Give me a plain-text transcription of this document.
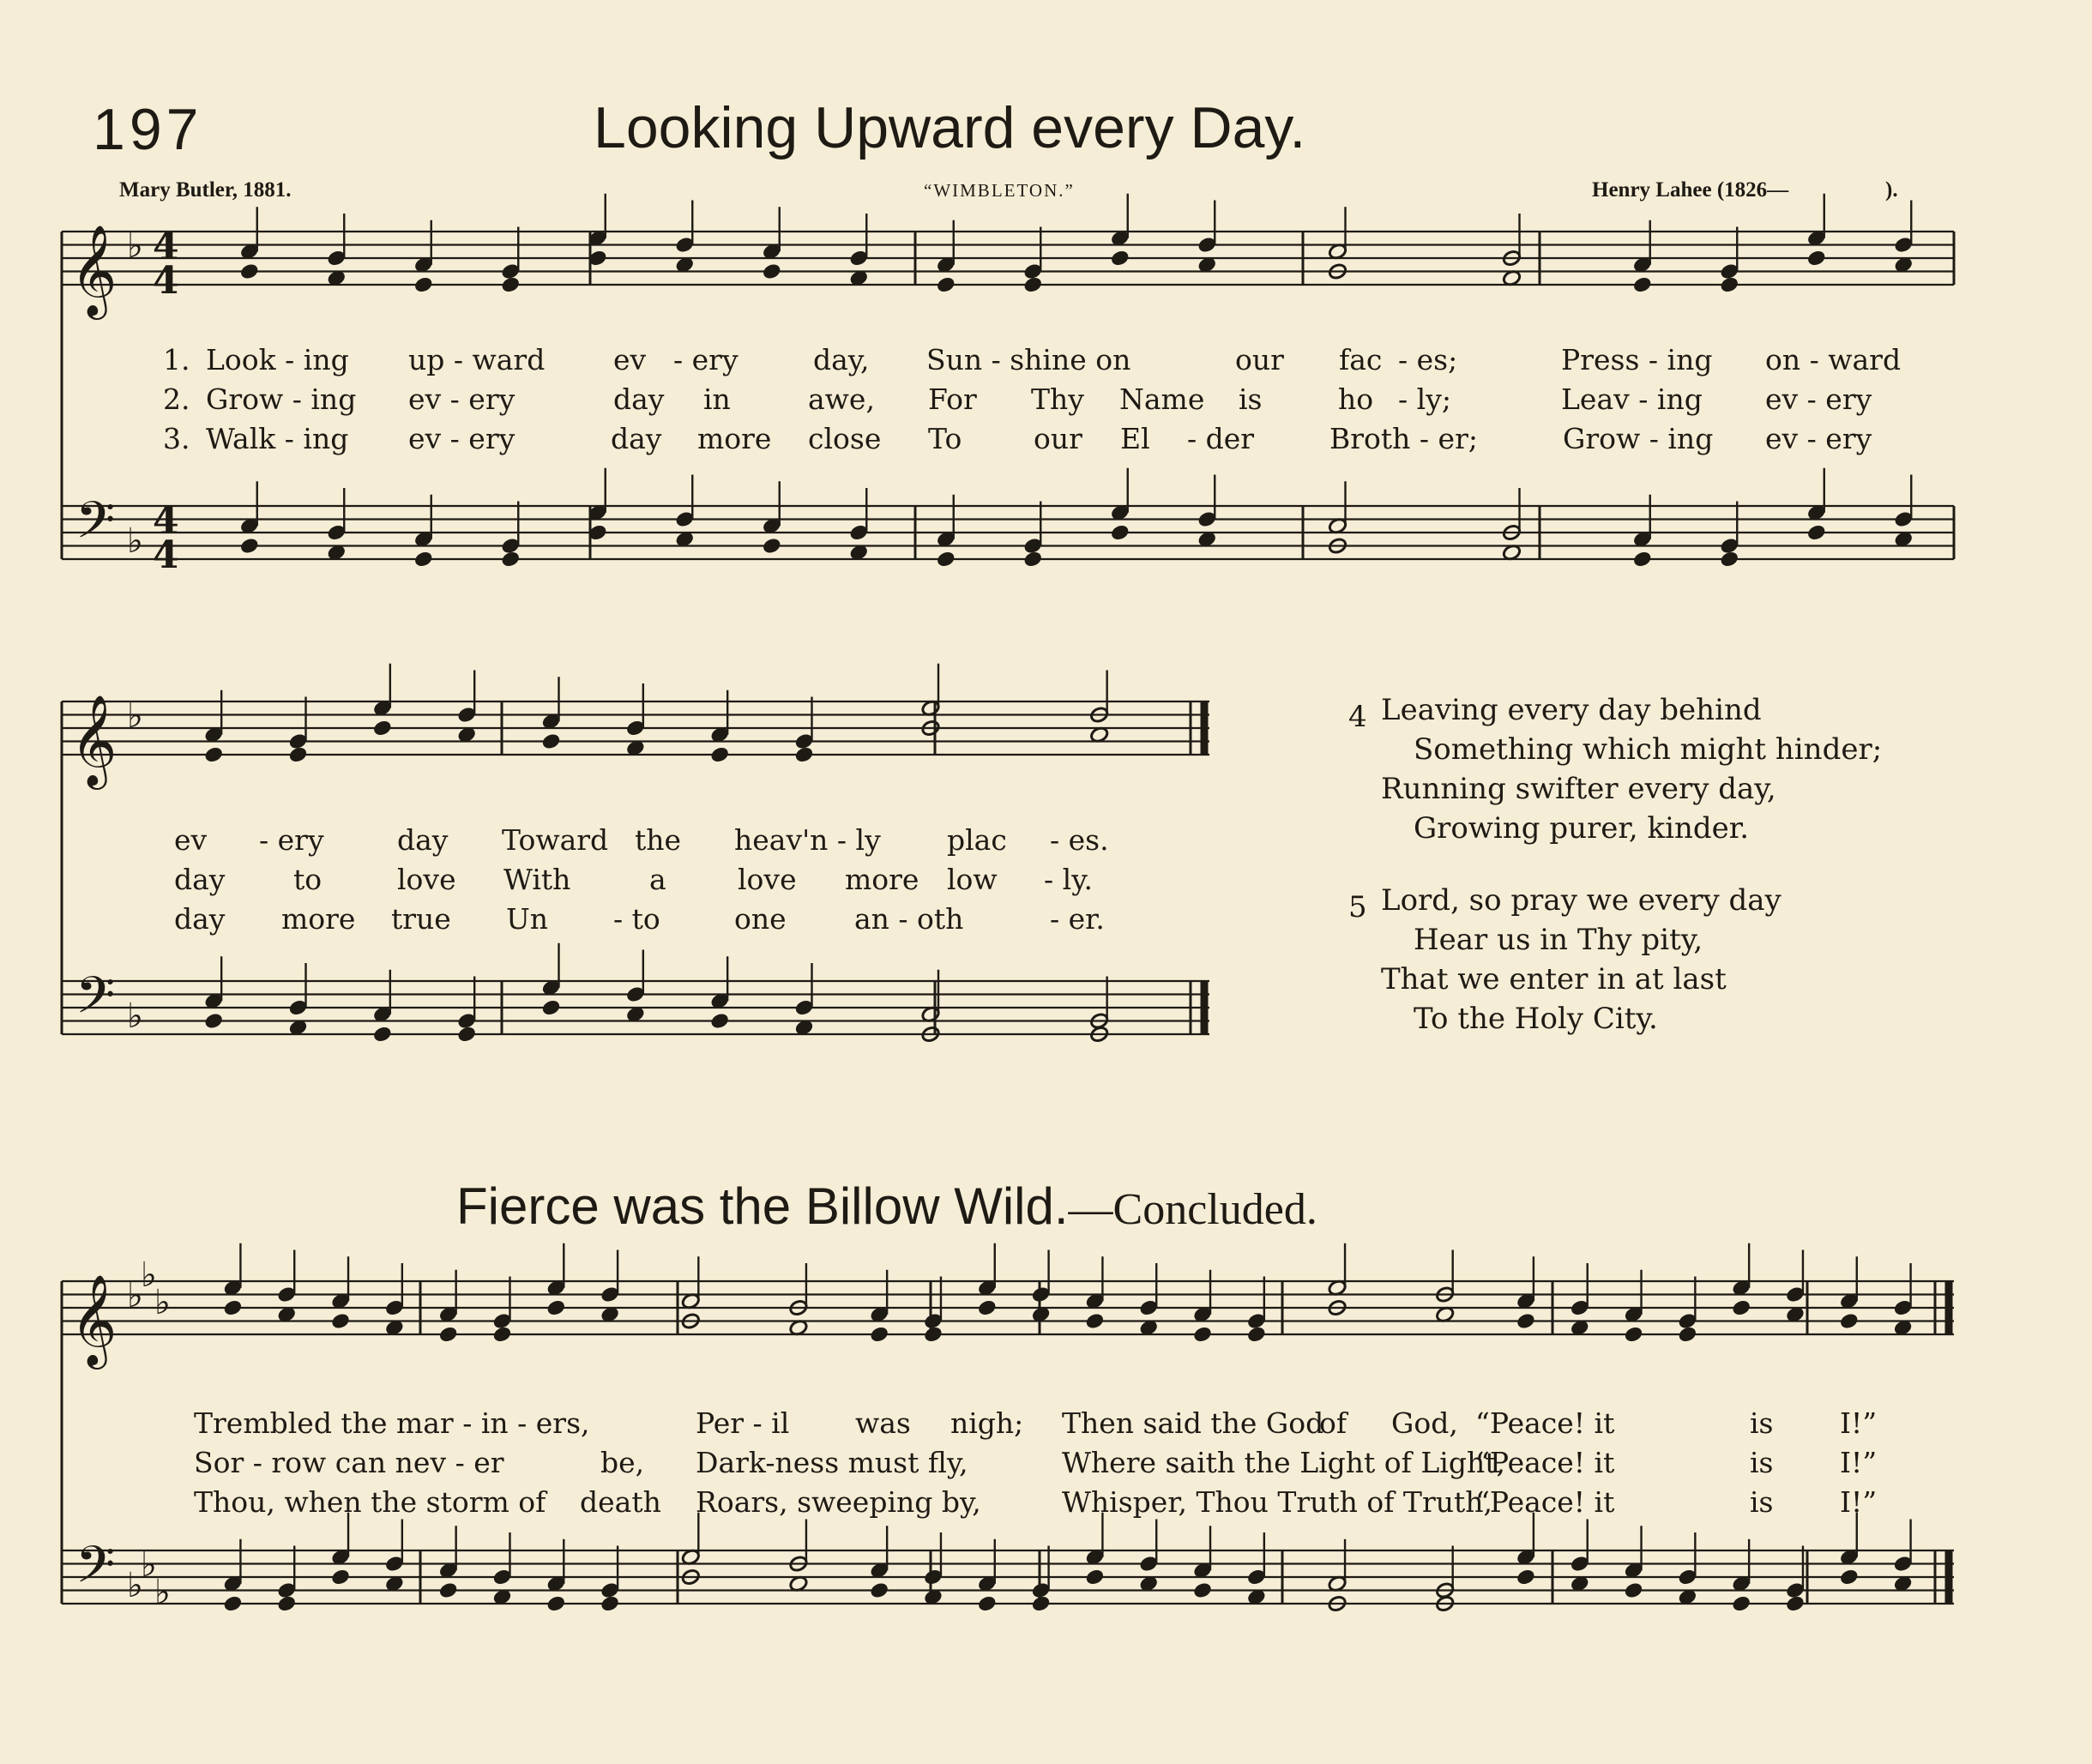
𝄞
𝄢
♭
♭
𝄞
𝄢
♭
♭
𝄞
𝄢
♭
♭
♭
♭
♭
♭
197	Looking Upward every Day.
Mary Butler, 1881.	“WIMBLETON.”	Henry Lahee (1826—	).
4
4
4
4
1. Look - ing up - ward ev - ery	day, Sun - shine on	our fac - es;	Press - ing on - ward
2. Grow - ing ev - ery	day in	awe, For Thy Name is	ho - ly;	Leav - ing ev - ery
3. Walk - ing ev - ery	day more close To	our El - der	Broth - er;	Grow - ing ev - ery
ev - ery	day Toward the heav'n - ly plac - es.
day to	love With	a	love more low - ly.
day more true Un - to	one an - oth	- er.
4 Leaving every day behind
Something which might hinder;
Running swifter every day,
Growing purer, kinder.
5 Lord, so pray we every day
Hear us in Thy pity,
That we enter in at last
To the Holy City.
Fierce was the Billow Wild.—Concluded.
Trembled the mar - in - ers,	Per - il was nigh; Then said the God
of God, “Peace! it	is I!”
Sor - row can nev - er	be, Dark-ness must fly,	Where saith the Light of Light,
“Peace! it	is I!”
Thou, when the storm of death Roars, sweeping by,	Whisper, Thou Truth of Truth,
“Peace! it	is I!”
